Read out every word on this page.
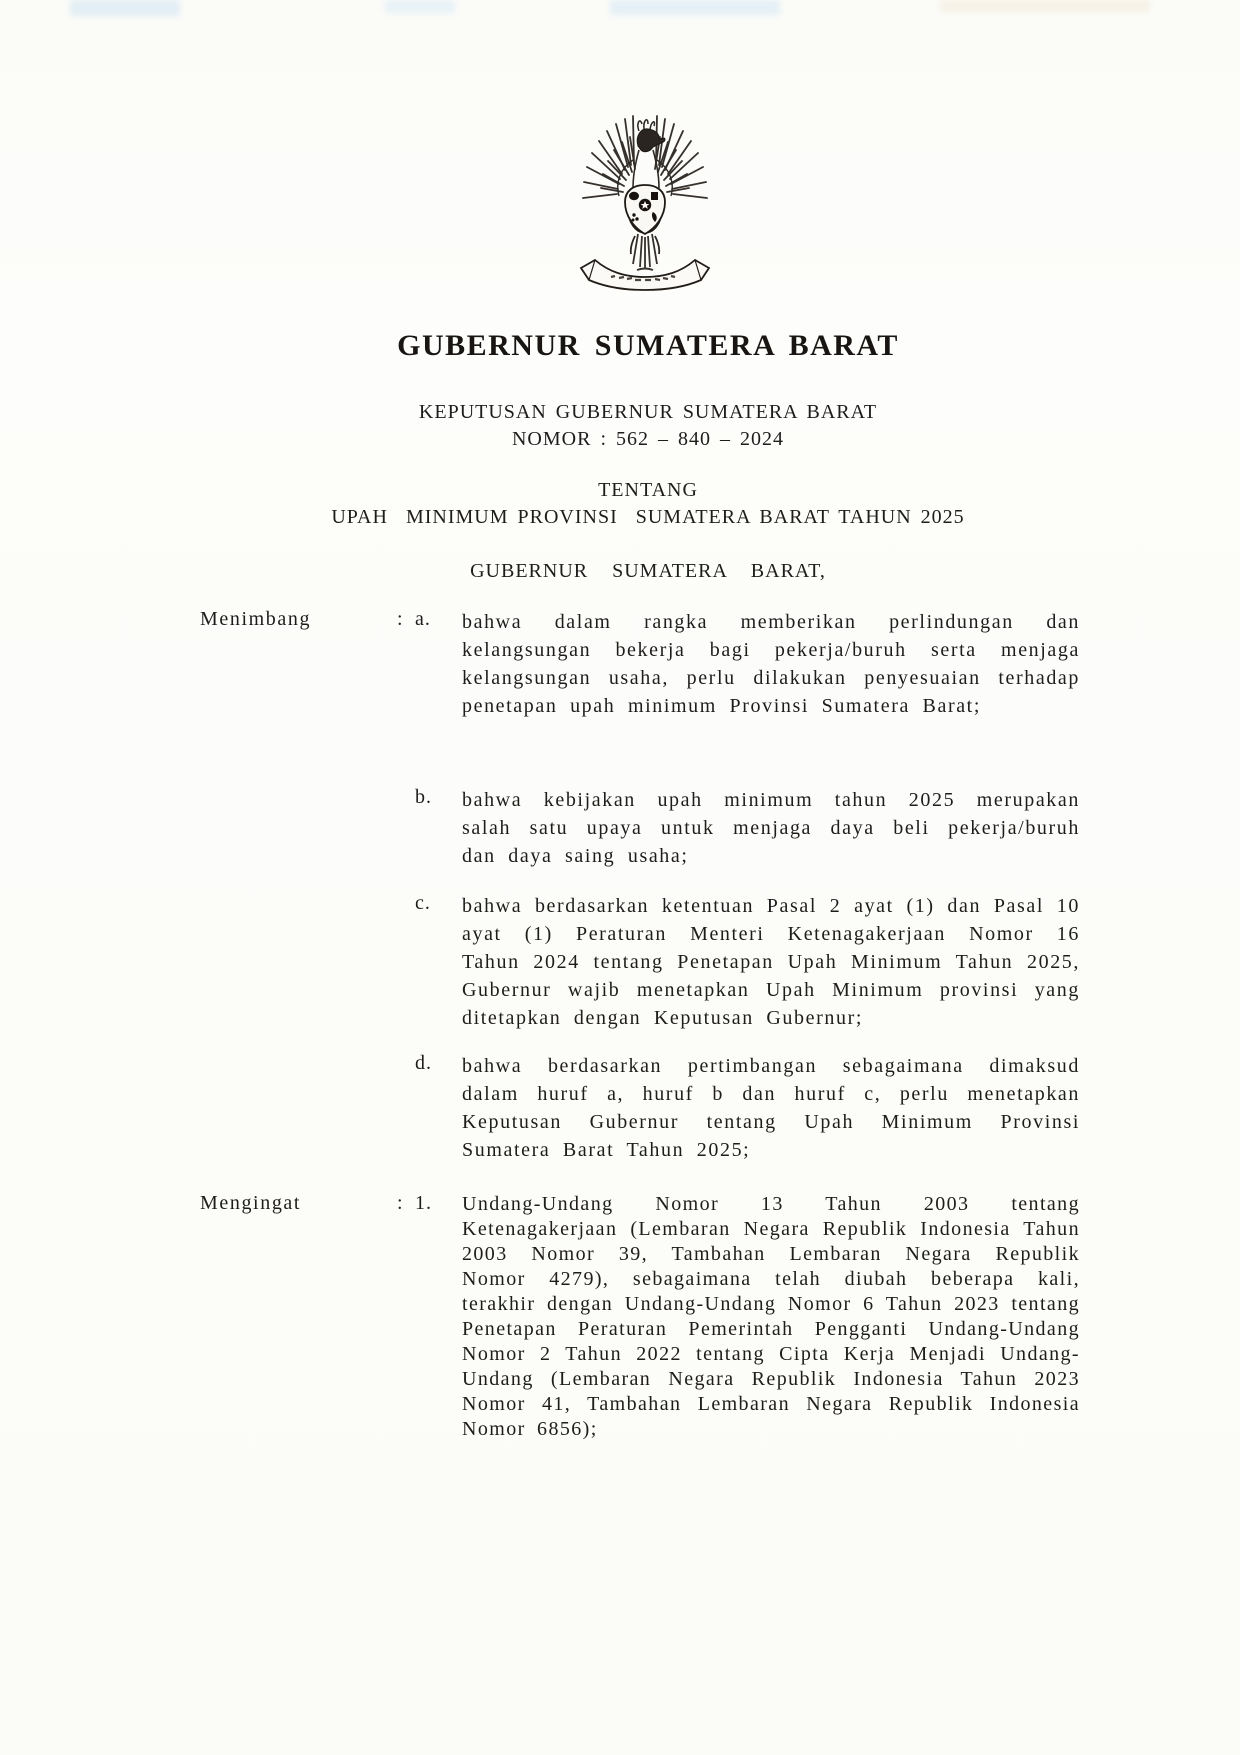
GUBERNUR SUMATERA BARAT
KEPUTUSAN GUBERNUR SUMATERA BARAT
NOMOR : 562 – 840 – 2024
TENTANG
UPAH  MINIMUM PROVINSI  SUMATERA BARAT TAHUN 2025
GUBERNUR  SUMATERA  BARAT,
Menimbang	: a. bahwa dalam rangka memberikan perlindungan dan kelangsungan bekerja bagi pekerja/buruh serta menjaga kelangsungan usaha, perlu dilakukan penyesuaian terhadap penetapan upah minimum Provinsi Sumatera Barat;
b. bahwa kebijakan upah minimum tahun 2025 merupakan salah satu upaya untuk menjaga daya beli pekerja/buruh dan daya saing usaha;
c. bahwa berdasarkan ketentuan Pasal 2 ayat (1) dan Pasal 10 ayat (1) Peraturan Menteri Ketenagakerjaan Nomor 16 Tahun 2024 tentang Penetapan Upah Minimum Tahun 2025, Gubernur wajib menetapkan Upah Minimum provinsi yang ditetapkan dengan Keputusan Gubernur;
d. bahwa berdasarkan pertimbangan sebagaimana dimaksud dalam huruf a, huruf b dan huruf c, perlu menetapkan Keputusan Gubernur tentang Upah Minimum Provinsi Sumatera Barat Tahun 2025;
Mengingat	: 1. Undang-Undang Nomor 13 Tahun 2003 tentang Ketenagakerjaan (Lembaran Negara Republik Indonesia Tahun 2003 Nomor 39, Tambahan Lembaran Negara Republik Nomor 4279), sebagaimana telah diubah beberapa kali, terakhir dengan Undang-Undang Nomor 6 Tahun 2023 tentang Penetapan Peraturan Pemerintah Pengganti Undang-Undang Nomor 2 Tahun 2022 tentang Cipta Kerja Menjadi Undang-Undang (Lembaran Negara Republik Indonesia Tahun 2023 Nomor 41, Tambahan Lembaran Negara Republik Indonesia Nomor 6856);
